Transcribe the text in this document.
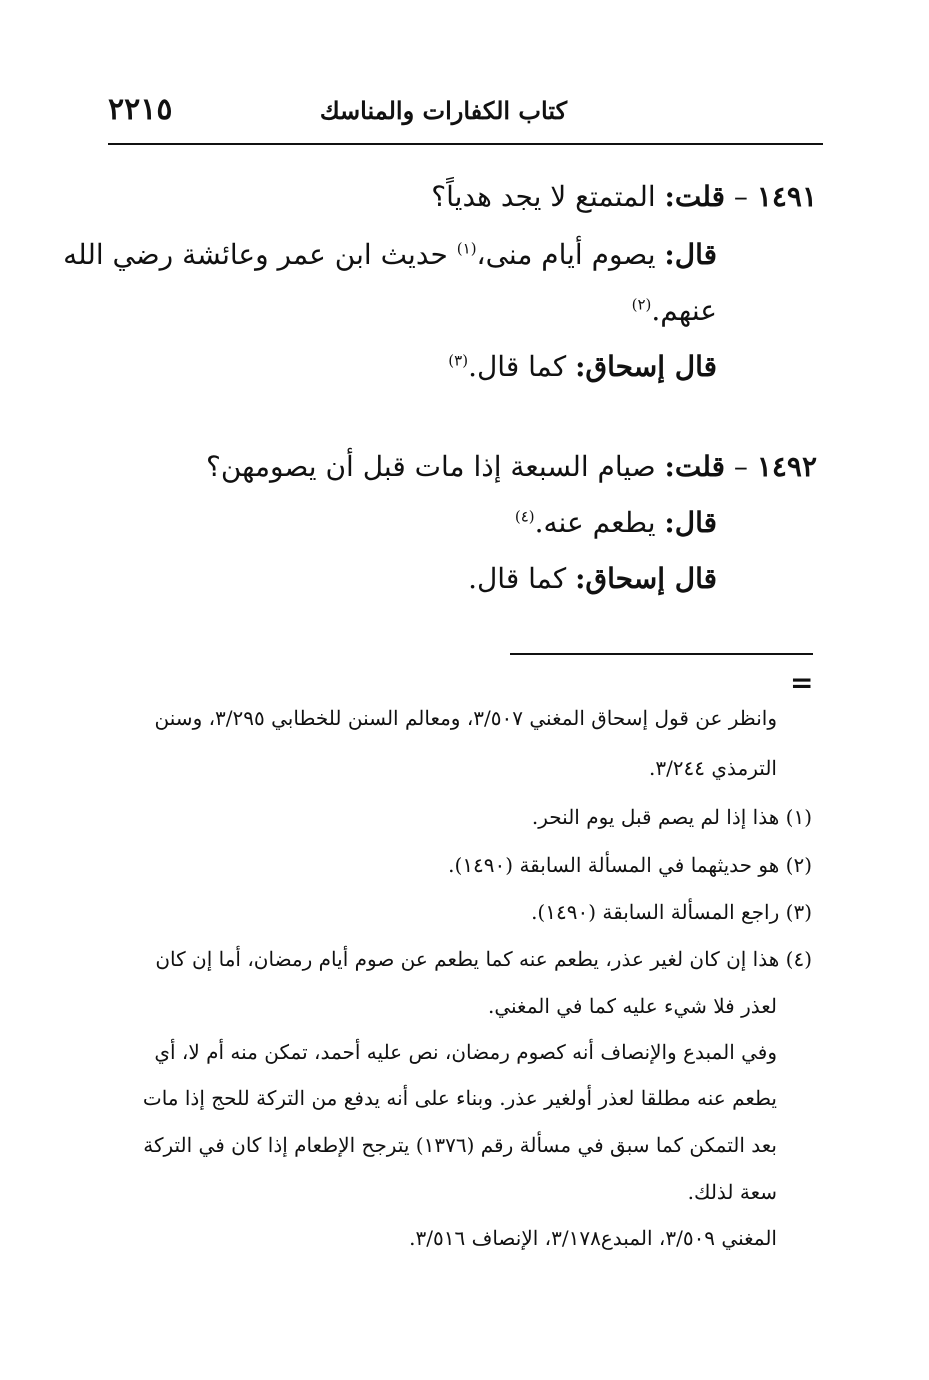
٢٢١٥	كتاب الكفارات والمناسك
١٤٩١ – قلت: المتمتع لا يجد هدياً؟
قال: يصوم أيام منى،$^{(١)}$ حديث ابن عمر وعائشة رضي الله
عنهم.$^{(٢)}$
قال إسحاق: كما قال.$^{(٣)}$
١٤٩٢ – قلت: صيام السبعة إذا مات قبل أن يصومهن؟
قال: يطعم عنه.$^{(٤)}$
قال إسحاق: كما قال.
=
وانظر عن قول إسحاق المغني ٣/٥٠٧، ومعالم السنن للخطابي ٣/٢٩٥، وسنن
الترمذي ٣/٢٤٤.
(١) هذا إذا لم يصم قبل يوم النحر.
(٢) هو حديثهما في المسألة السابقة (١٤٩٠).
(٣) راجع المسألة السابقة (١٤٩٠).
(٤) هذا إن كان لغير عذر، يطعم عنه كما يطعم عن صوم أيام رمضان، أما إن كان
لعذر فلا شيء عليه كما في المغني.
وفي المبدع والإنصاف أنه كصوم رمضان، نص عليه أحمد، تمكن منه أم لا، أي
يطعم عنه مطلقا لعذر أولغير عذر. وبناء على أنه يدفع من التركة للحج إذا مات
بعد التمكن كما سبق في مسألة رقم (١٣٧٦) يترجح الإطعام إذا كان في التركة
سعة لذلك.
المغني ٣/٥٠٩، المبدع٣/١٧٨، الإنصاف ٣/٥١٦.
